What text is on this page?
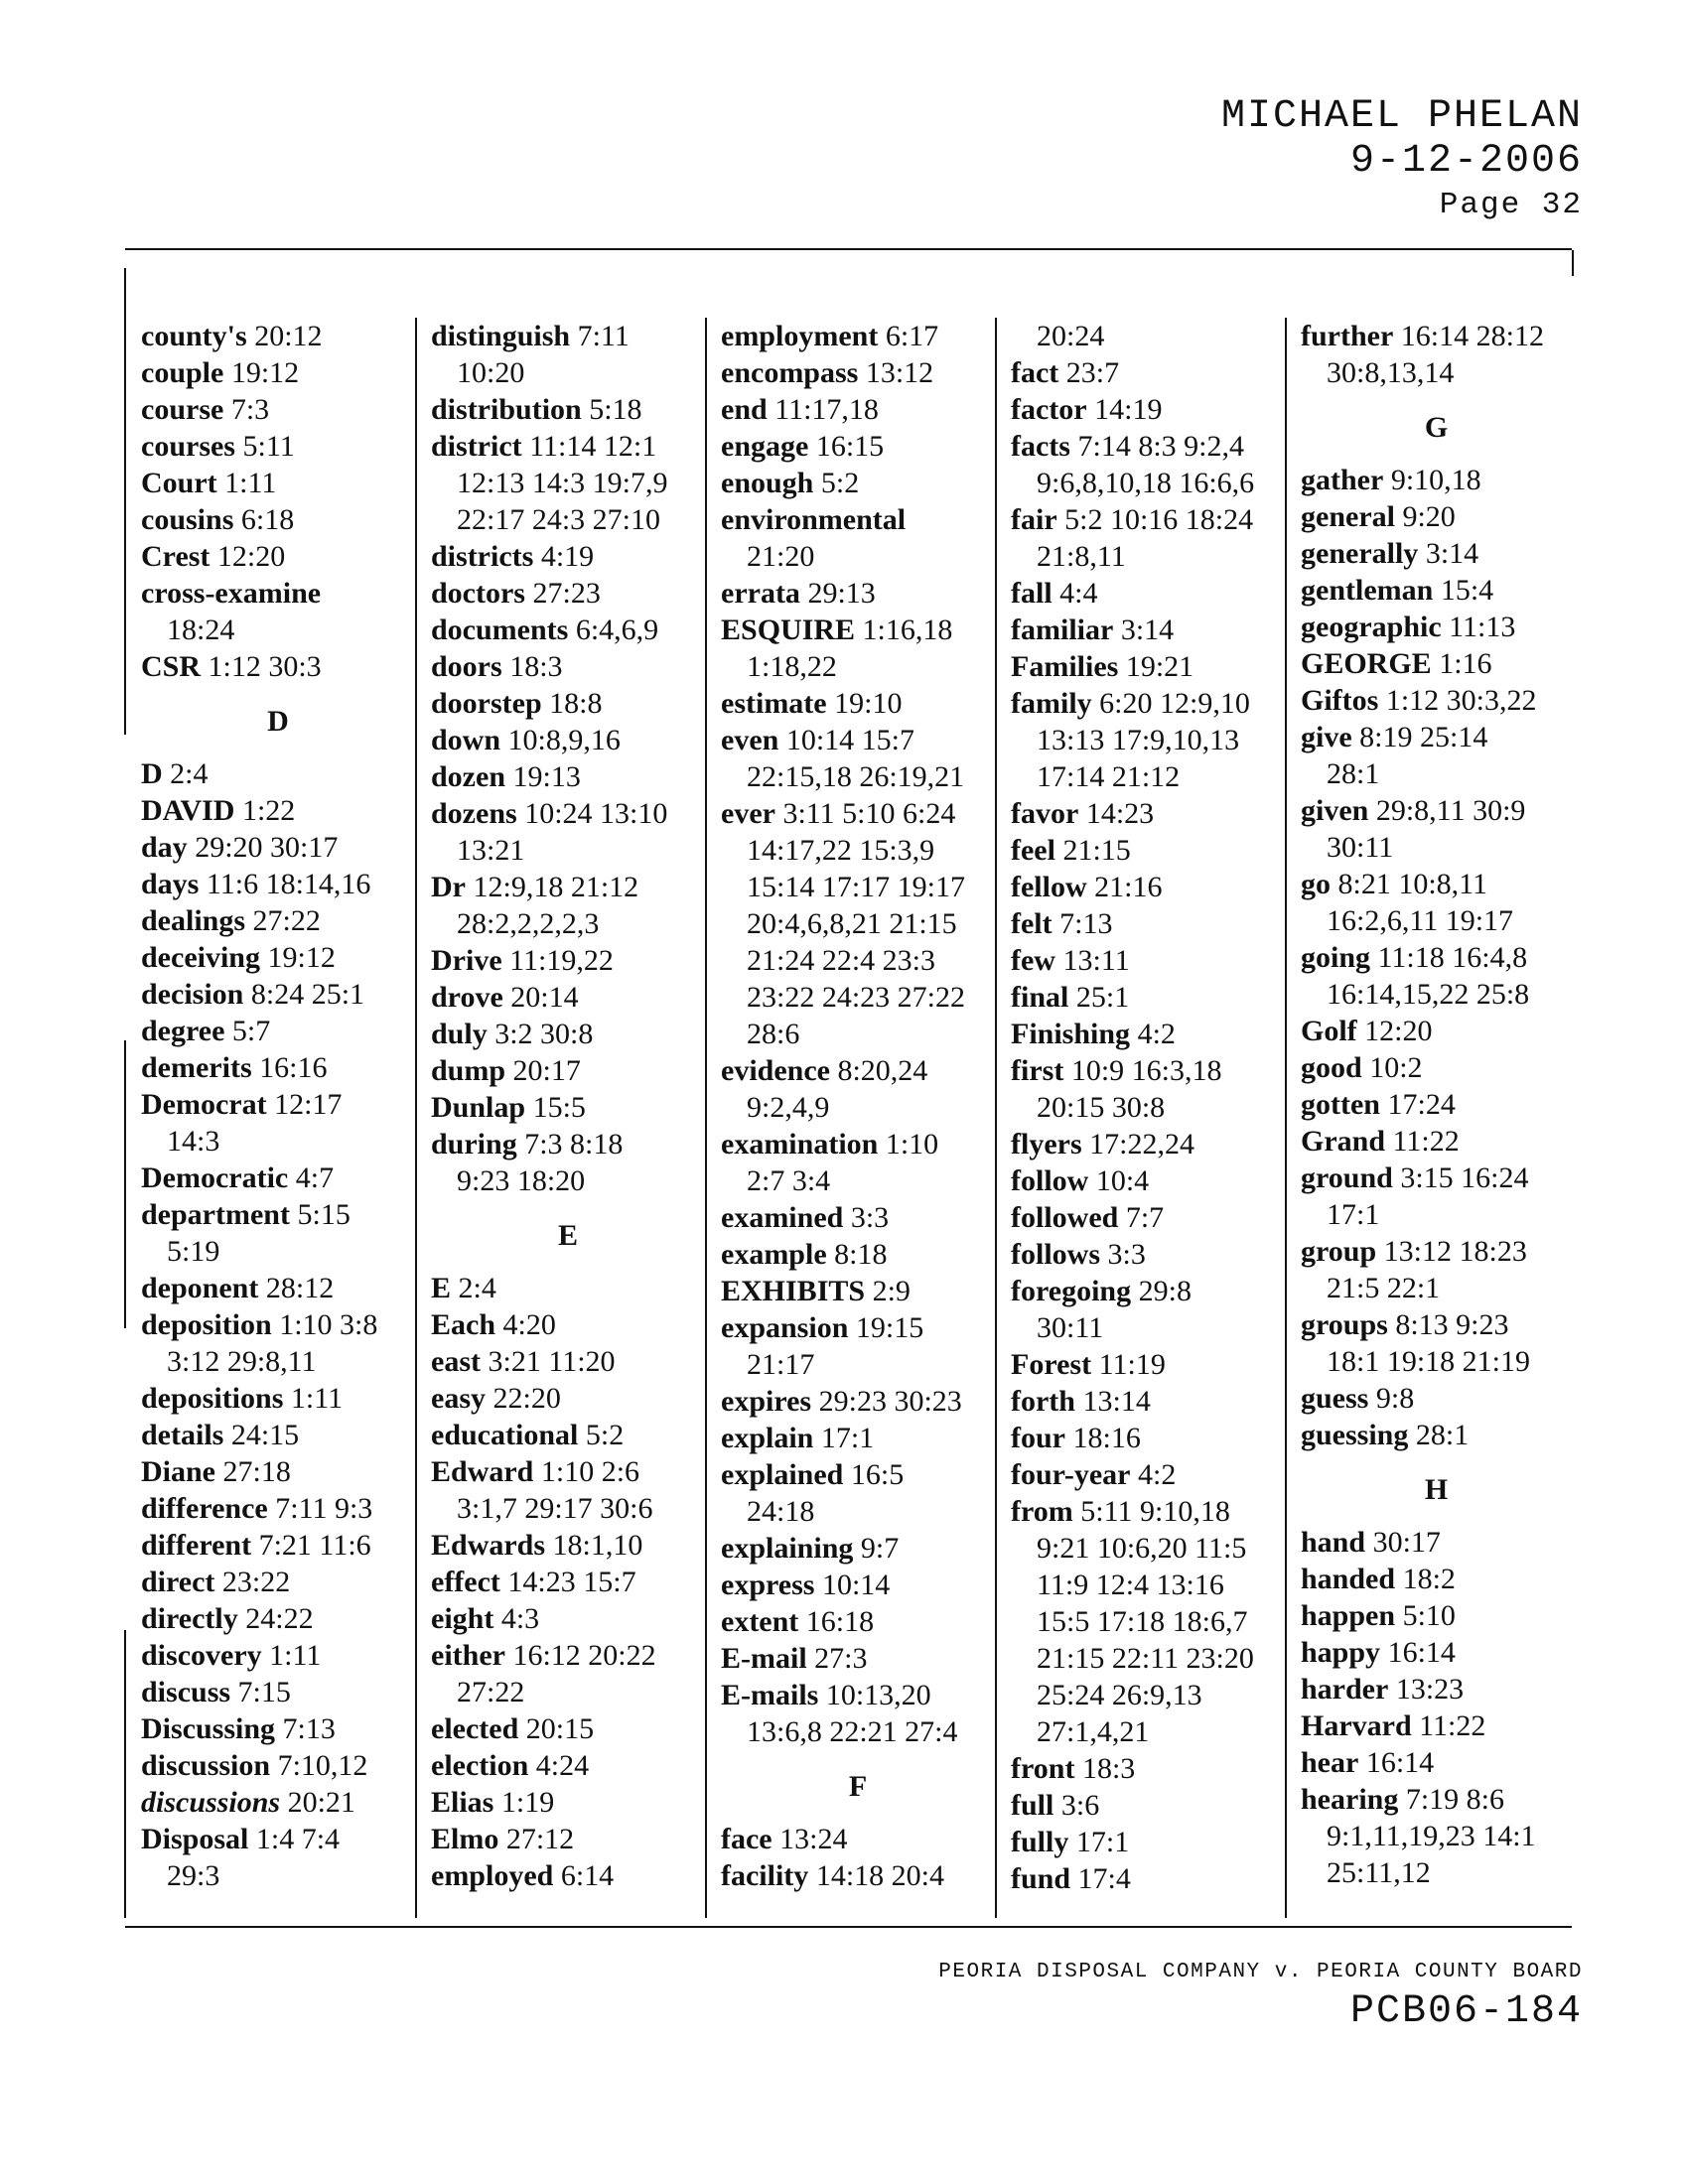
MICHAEL PHELAN
9-12-2006
Page 32
county's 20:12
couple 19:12
course 7:3
courses 5:11
Court 1:11
cousins 6:18
Crest 12:20
cross-examine
18:24
CSR 1:12 30:3
D
D 2:4
DAVID 1:22
day 29:20 30:17
days 11:6 18:14,16
dealings 27:22
deceiving 19:12
decision 8:24 25:1
degree 5:7
demerits 16:16
Democrat 12:17
14:3
Democratic 4:7
department 5:15
5:19
deponent 28:12
deposition 1:10 3:8
3:12 29:8,11
depositions 1:11
details 24:15
Diane 27:18
difference 7:11 9:3
different 7:21 11:6
direct 23:22
directly 24:22
discovery 1:11
discuss 7:15
Discussing 7:13
discussion 7:10,12
discussions 20:21
Disposal 1:4 7:4
29:3
distinguish 7:11
10:20
distribution 5:18
district 11:14 12:1
12:13 14:3 19:7,9
22:17 24:3 27:10
districts 4:19
doctors 27:23
documents 6:4,6,9
doors 18:3
doorstep 18:8
down 10:8,9,16
dozen 19:13
dozens 10:24 13:10
13:21
Dr 12:9,18 21:12
28:2,2,2,2,3
Drive 11:19,22
drove 20:14
duly 3:2 30:8
dump 20:17
Dunlap 15:5
during 7:3 8:18
9:23 18:20
E
E 2:4
Each 4:20
east 3:21 11:20
easy 22:20
educational 5:2
Edward 1:10 2:6
3:1,7 29:17 30:6
Edwards 18:1,10
effect 14:23 15:7
eight 4:3
either 16:12 20:22
27:22
elected 20:15
election 4:24
Elias 1:19
Elmo 27:12
employed 6:14
employment 6:17
encompass 13:12
end 11:17,18
engage 16:15
enough 5:2
environmental
21:20
errata 29:13
ESQUIRE 1:16,18
1:18,22
estimate 19:10
even 10:14 15:7
22:15,18 26:19,21
ever 3:11 5:10 6:24
14:17,22 15:3,9
15:14 17:17 19:17
20:4,6,8,21 21:15
21:24 22:4 23:3
23:22 24:23 27:22
28:6
evidence 8:20,24
9:2,4,9
examination 1:10
2:7 3:4
examined 3:3
example 8:18
EXHIBITS 2:9
expansion 19:15
21:17
expires 29:23 30:23
explain 17:1
explained 16:5
24:18
explaining 9:7
express 10:14
extent 16:18
E-mail 27:3
E-mails 10:13,20
13:6,8 22:21 27:4
F
face 13:24
facility 14:18 20:4
20:24
fact 23:7
factor 14:19
facts 7:14 8:3 9:2,4
9:6,8,10,18 16:6,6
fair 5:2 10:16 18:24
21:8,11
fall 4:4
familiar 3:14
Families 19:21
family 6:20 12:9,10
13:13 17:9,10,13
17:14 21:12
favor 14:23
feel 21:15
fellow 21:16
felt 7:13
few 13:11
final 25:1
Finishing 4:2
first 10:9 16:3,18
20:15 30:8
flyers 17:22,24
follow 10:4
followed 7:7
follows 3:3
foregoing 29:8
30:11
Forest 11:19
forth 13:14
four 18:16
four-year 4:2
from 5:11 9:10,18
9:21 10:6,20 11:5
11:9 12:4 13:16
15:5 17:18 18:6,7
21:15 22:11 23:20
25:24 26:9,13
27:1,4,21
front 18:3
full 3:6
fully 17:1
fund 17:4
further 16:14 28:12
30:8,13,14
G
gather 9:10,18
general 9:20
generally 3:14
gentleman 15:4
geographic 11:13
GEORGE 1:16
Giftos 1:12 30:3,22
give 8:19 25:14
28:1
given 29:8,11 30:9
30:11
go 8:21 10:8,11
16:2,6,11 19:17
going 11:18 16:4,8
16:14,15,22 25:8
Golf 12:20
good 10:2
gotten 17:24
Grand 11:22
ground 3:15 16:24
17:1
group 13:12 18:23
21:5 22:1
groups 8:13 9:23
18:1 19:18 21:19
guess 9:8
guessing 28:1
H
hand 30:17
handed 18:2
happen 5:10
happy 16:14
harder 13:23
Harvard 11:22
hear 16:14
hearing 7:19 8:6
9:1,11,19,23 14:1
25:11,12
PEORIA DISPOSAL COMPANY v. PEORIA COUNTY BOARD
PCB06-184
